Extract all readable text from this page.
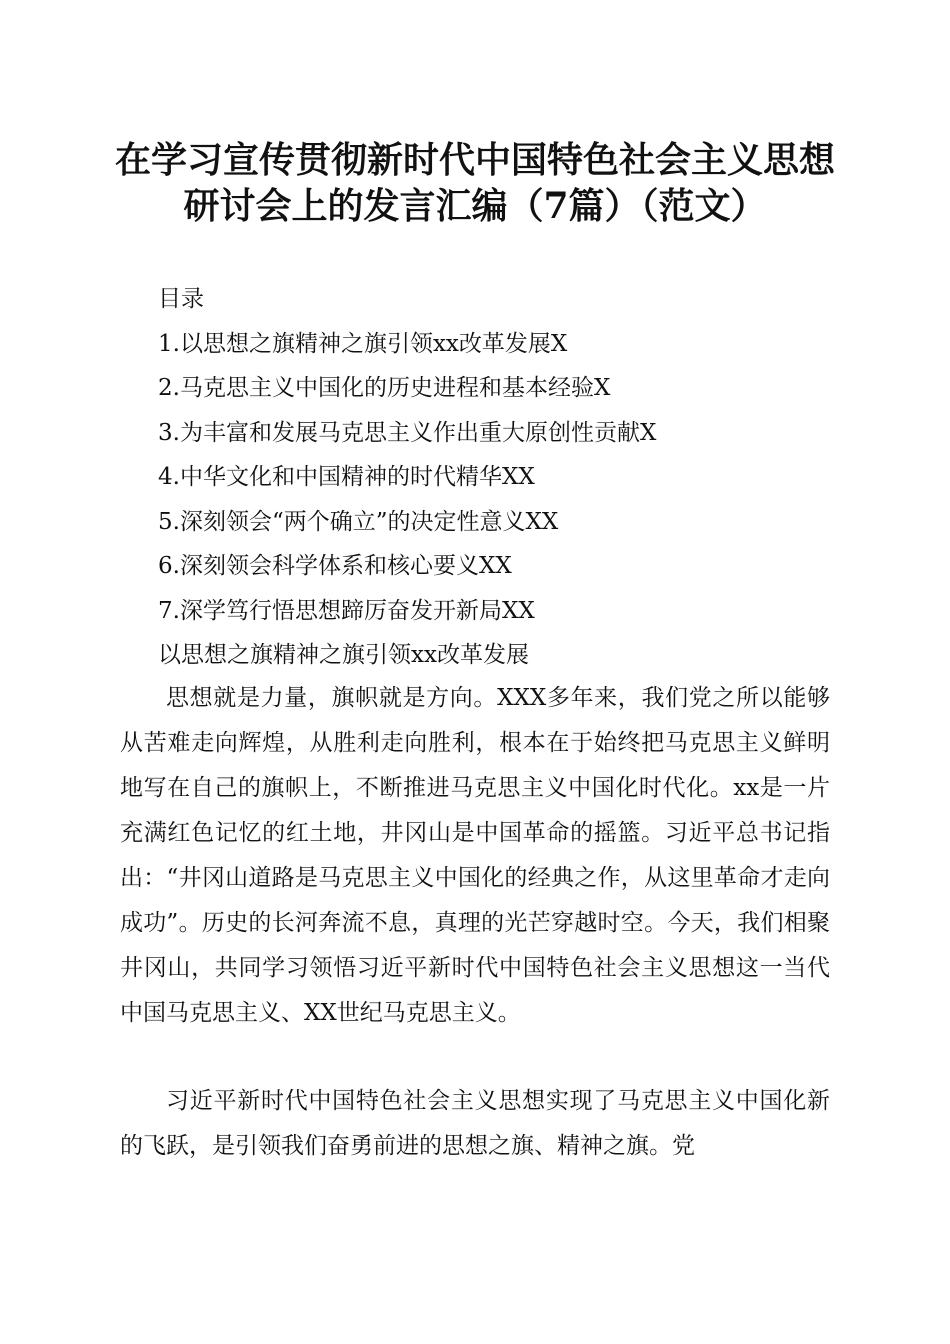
在学习宣传贯彻新时代中国特色社会主义思想
研讨会上的发言汇编（7篇）（范文）
目录
1.以思想之旗精神之旗引领xx改革发展X
2.马克思主义中国化的历史进程和基本经验X
3.为丰富和发展马克思主义作出重大原创性贡献X
4.中华文化和中国精神的时代精华XX
5.深刻领会“两个确立”的决定性意义XX
6.深刻领会科学体系和核心要义XX
7.深学笃行悟思想蹄厉奋发开新局XX
以思想之旗精神之旗引领xx改革发展

思想就是力量，旗帜就是方向。XXX多年来，我们党之所以能够从苦难走向辉煌，从胜利走向胜利，根本在于始终把马克思主义鲜明地写在自己的旗帜上，不断推进马克思主义中国化时代化。xx是一片充满红色记忆的红土地，井冈山是中国革命的摇篮。习近平总书记指出：“井冈山道路是马克思主义中国化的经典之作，从这里革命才走向成功”。历史的长河奔流不息，真理的光芒穿越时空。今天，我们相聚井冈山，共同学习领悟习近平新时代中国特色社会主义思想这一当代中国马克思主义、XX世纪马克思主义。

习近平新时代中国特色社会主义思想实现了马克思主义中国化新的飞跃，是引领我们奋勇前进的思想之旗、精神之旗。党
